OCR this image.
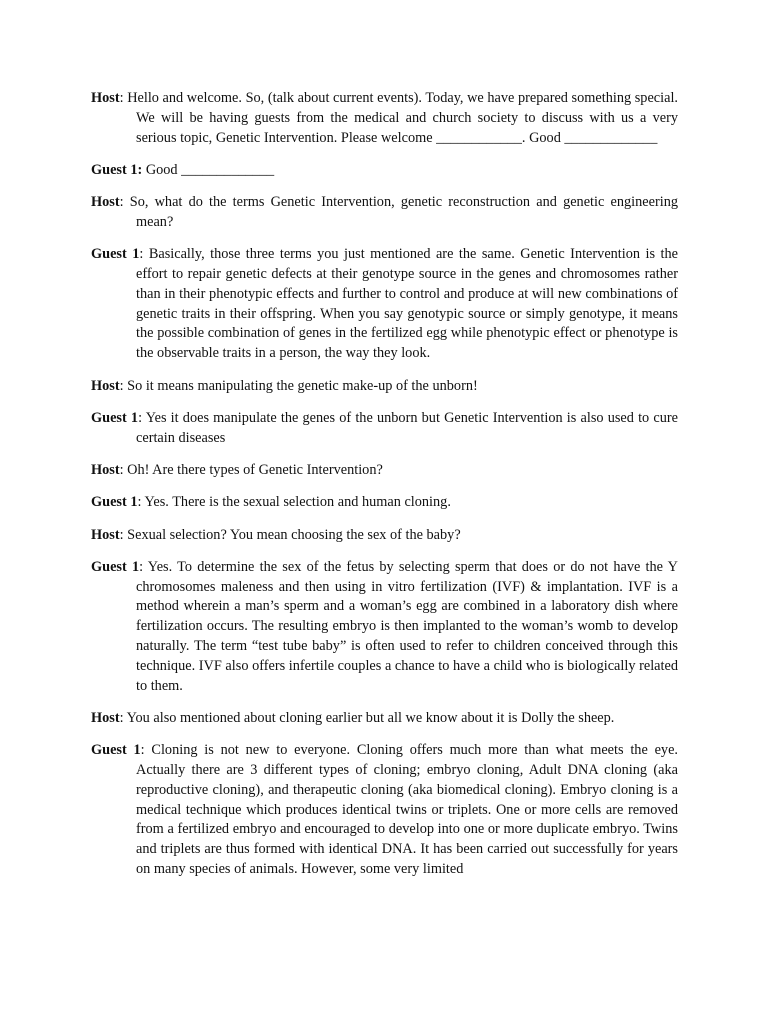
Host: Hello and welcome. So, (talk about current events). Today, we have prepared something special. We will be having guests from the medical and church society to discuss with us a very serious topic, Genetic Intervention. Please welcome ____________. Good _____________

Guest 1: Good _____________

Host: So, what do the terms Genetic Intervention, genetic reconstruction and genetic engineering mean?

Guest 1: Basically, those three terms you just mentioned are the same. Genetic Intervention is the effort to repair genetic defects at their genotype source in the genes and chromosomes rather than in their phenotypic effects and further to control and produce at will new combinations of genetic traits in their offspring. When you say genotypic source or simply genotype, it means the possible combination of genes in the fertilized egg while phenotypic effect or phenotype is the observable traits in a person, the way they look.

Host: So it means manipulating the genetic make-up of the unborn!

Guest 1: Yes it does manipulate the genes of the unborn but Genetic Intervention is also used to cure certain diseases

Host: Oh! Are there types of Genetic Intervention?

Guest 1: Yes. There is the sexual selection and human cloning.

Host: Sexual selection? You mean choosing the sex of the baby?

Guest 1: Yes. To determine the sex of the fetus by selecting sperm that does or do not have the Y chromosomes maleness and then using in vitro fertilization (IVF) & implantation. IVF is a method wherein a man’s sperm and a woman’s egg are combined in a laboratory dish where fertilization occurs. The resulting embryo is then implanted to the woman’s womb to develop naturally. The term “test tube baby” is often used to refer to children conceived through this technique. IVF also offers infertile couples a chance to have a child who is biologically related to them.

Host: You also mentioned about cloning earlier but all we know about it is Dolly the sheep.

Guest 1: Cloning is not new to everyone. Cloning offers much more than what meets the eye. Actually there are 3 different types of cloning; embryo cloning, Adult DNA cloning (aka reproductive cloning), and therapeutic cloning (aka biomedical cloning). Embryo cloning is a medical technique which produces identical twins or triplets. One or more cells are removed from a fertilized embryo and encouraged to develop into one or more duplicate embryo. Twins and triplets are thus formed with identical DNA. It has been carried out successfully for years on many species of animals. However, some very limited
